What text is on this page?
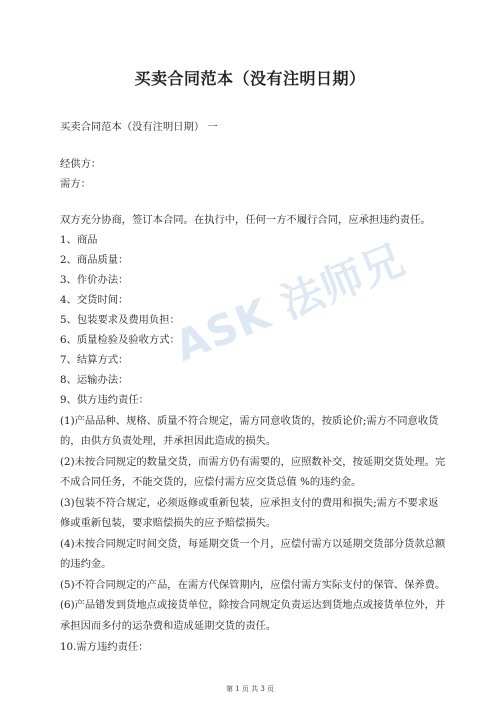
买卖合同范本（没有注明日期）
买卖合同范本（没有注明日期） 一
经供方：
需方：
双方充分协商，签订本合同。在执行中，任何一方不履行合同，应承担违约责任。
1、商品
2、商品质量：
3、作价办法：
4、交货时间：
5、包装要求及费用负担：
6、质量检验及验收方式：
7、结算方式：
8、运输办法：
9、供方违约责任：
(1)产品品种、规格、质量不符合规定，需方同意收货的，按质论价;需方不同意收货
的，由供方负责处理，并承担因此造成的损失。
(2)未按合同规定的数量交货，而需方仍有需要的，应照数补交，按延期交货处理。完
不成合同任务，不能交货的，应偿付需方应交货总值 %的违约金。
(3)包装不符合规定，必须返修或重新包装，应承担支付的费用和损失;需方不要求返
修或重新包装，要求赔偿损失的应予赔偿损失。
(4)未按合同规定时间交货，每延期交货一个月，应偿付需方以延期交货部分货款总额
的违约金。
(5)不符合同规定的产品，在需方代保管期内，应偿付需方实际支付的保管、保养费。
(6)产品错发到货地点或接货单位，除按合同规定负责运达到货地点或接货单位外，并
承担因而多付的运杂费和造成延期交货的责任。
10.需方违约责任：
ASK 法师兄
第 1 页 共 3 页
